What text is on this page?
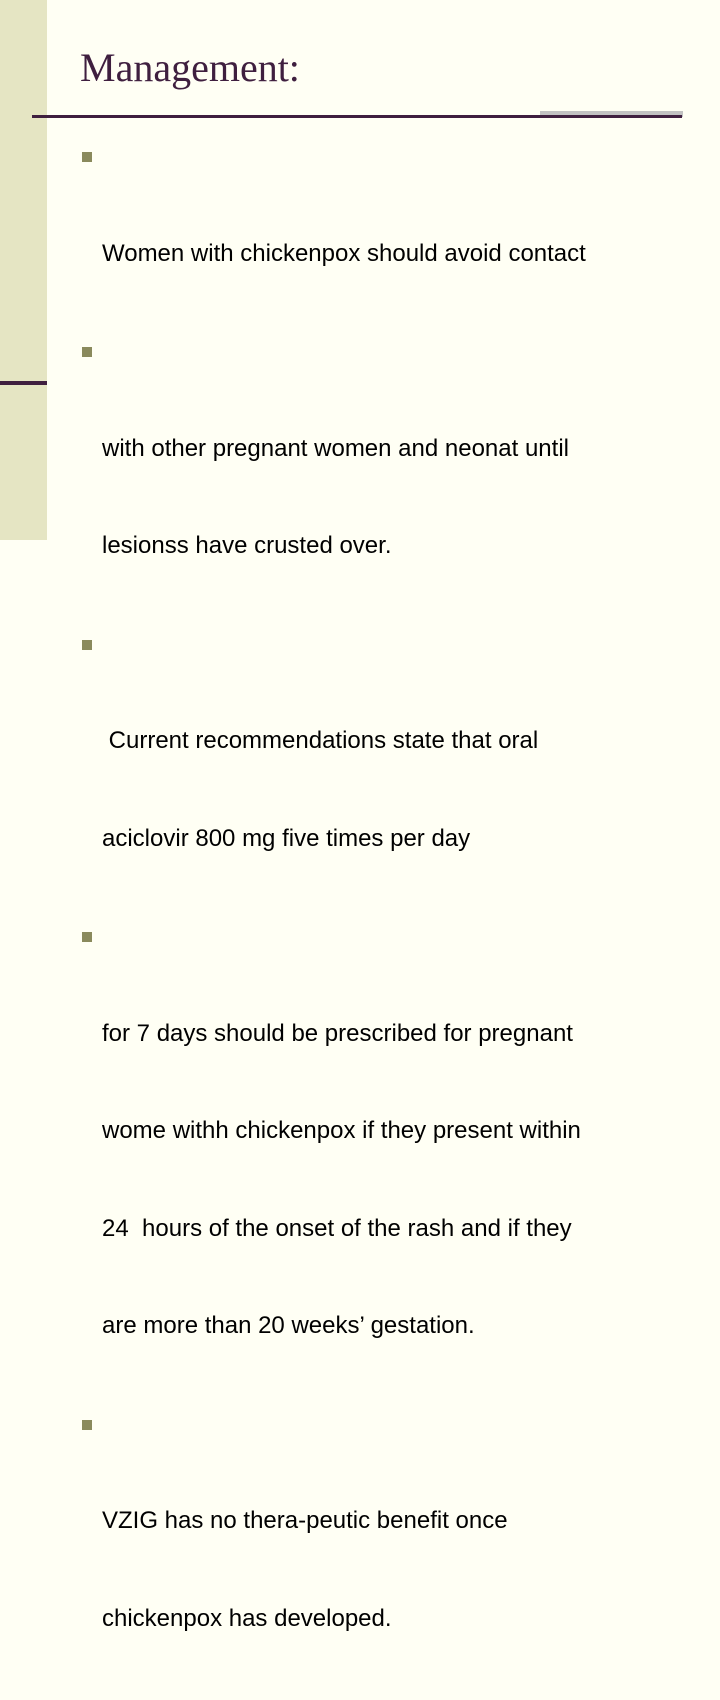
Management:

Women with chickenpox should avoid contact

with other pregnant women and neonat until

lesionss have crusted over.

Current recommendations state that oral

aciclovir 800 mg five times per day

for 7 days should be prescribed for pregnant

wome withh chickenpox if they present within

24  hours of the onset of the rash and if they

are more than 20 weeks’ gestation.

VZIG has no thera-peutic benefit once

chickenpox has developed.
